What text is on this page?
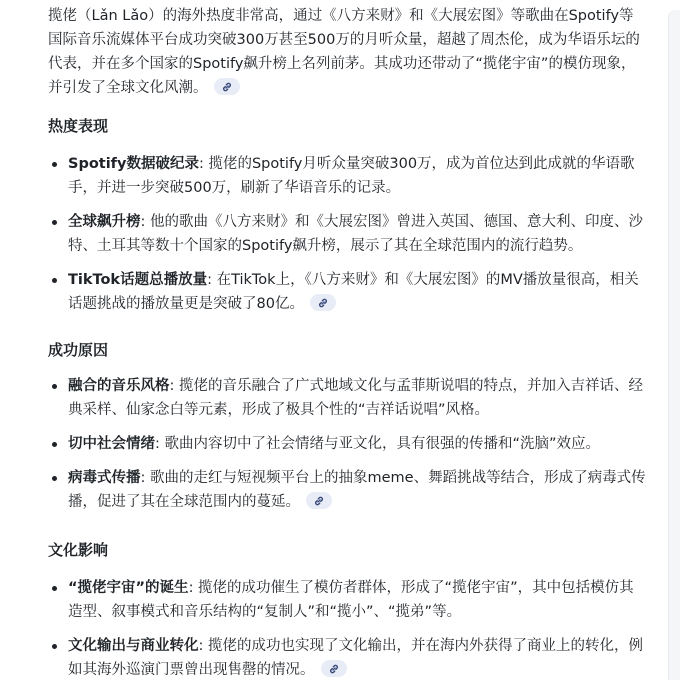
揽佬（Lǎn Lǎo）的海外热度非常高，通过《八方来财》和《大展宏图》等歌曲在Spotify等国际音乐流媒体平台成功突破300万甚至500万的月听众量，超越了周杰伦，成为华语乐坛的代表，并在多个国家的Spotify飙升榜上名列前茅。其成功还带动了“揽佬宇宙”的模仿现象，并引发了全球文化风潮。

热度表现
Spotify数据破纪录: 揽佬的Spotify月听众量突破300万，成为首位达到此成就的华语歌手，并进一步突破500万，刷新了华语音乐的记录。
全球飙升榜: 他的歌曲《八方来财》和《大展宏图》曾进入英国、德国、意大利、印度、沙特、土耳其等数十个国家的Spotify飙升榜，展示了其在全球范围内的流行趋势。
TikTok话题总播放量: 在TikTok上，《八方来财》和《大展宏图》的MV播放量很高，相关话题挑战的播放量更是突破了80亿。
成功原因
融合的音乐风格: 揽佬的音乐融合了广式地域文化与孟菲斯说唱的特点，并加入吉祥话、经典采样、仙家念白等元素，形成了极具个性的“吉祥话说唱”风格。
切中社会情绪: 歌曲内容切中了社会情绪与亚文化，具有很强的传播和“洗脑”效应。
病毒式传播: 歌曲的走红与短视频平台上的抽象meme、舞蹈挑战等结合，形成了病毒式传播，促进了其在全球范围内的蔓延。
文化影响
“揽佬宇宙”的诞生: 揽佬的成功催生了模仿者群体，形成了“揽佬宇宙”，其中包括模仿其造型、叙事模式和音乐结构的“复制人”和“揽小”、“揽弟”等。
文化输出与商业转化: 揽佬的成功也实现了文化输出，并在海内外获得了商业上的转化，例如其海外巡演门票曾出现售罄的情况。
